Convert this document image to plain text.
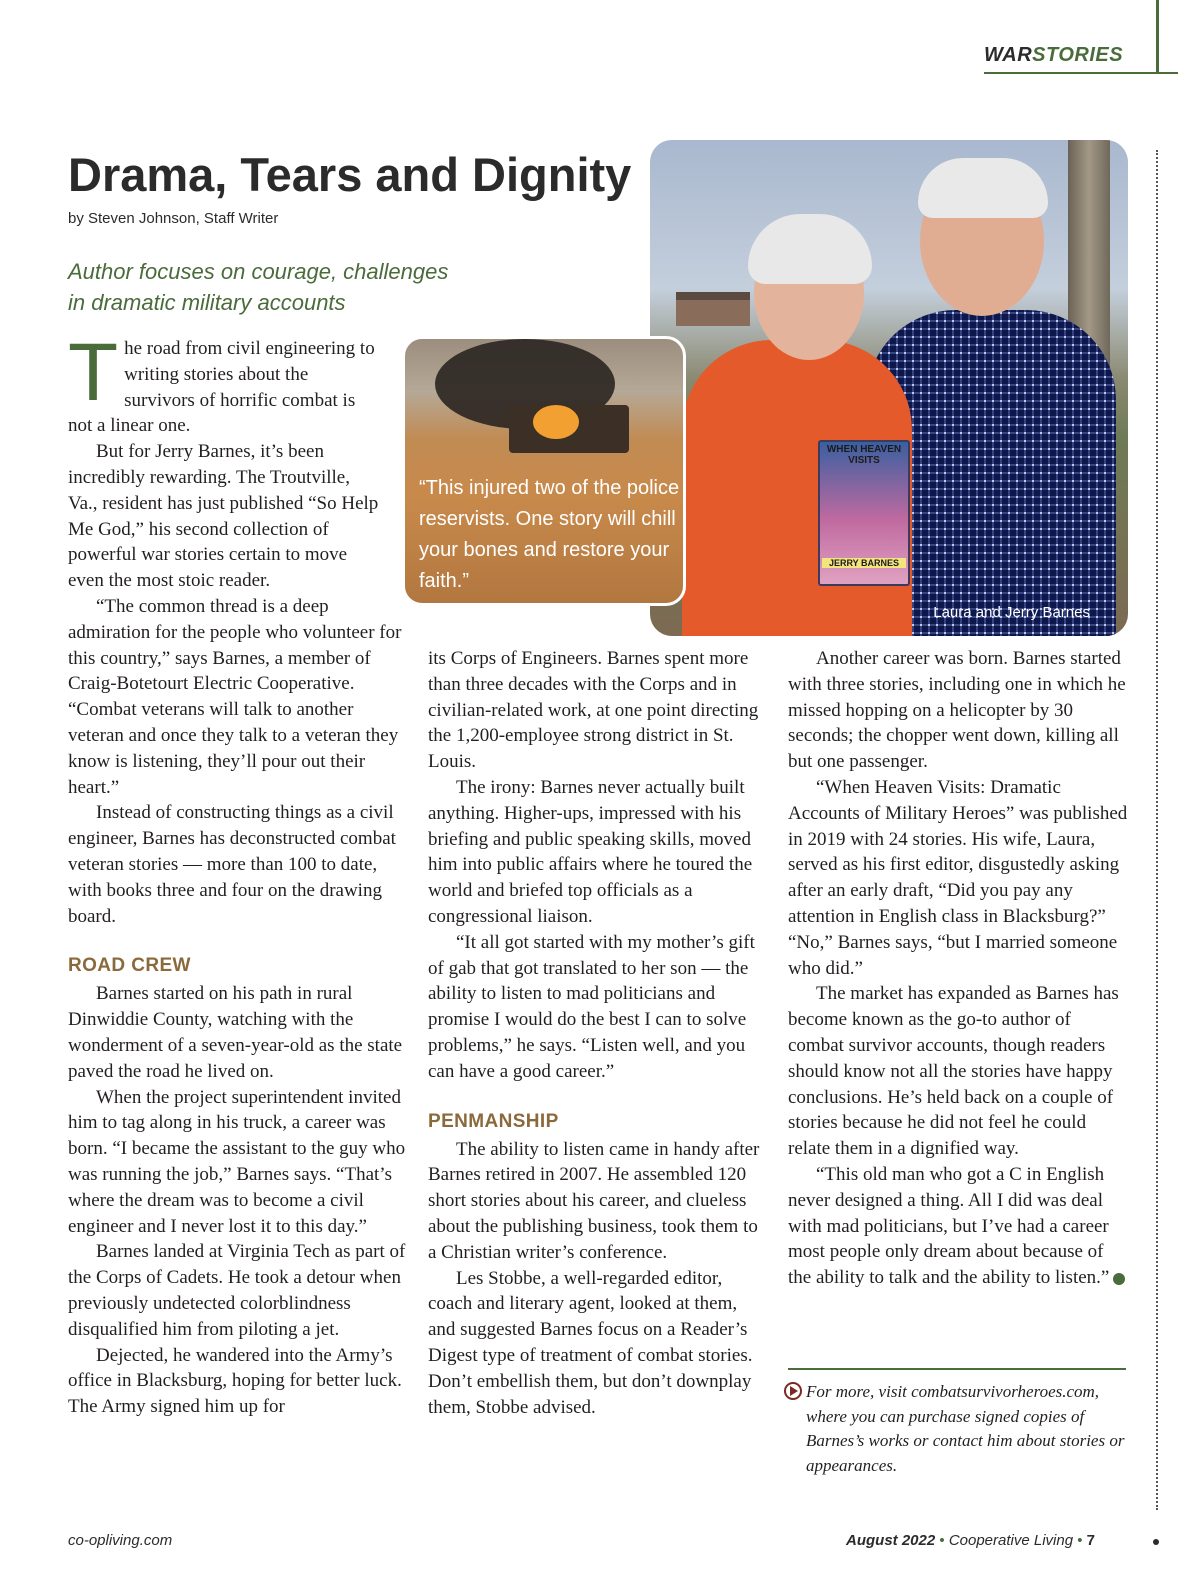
WARSTORIES
Drama, Tears and Dignity
by Steven Johnson, Staff Writer
Author focuses on courage, challenges
in dramatic military accounts
WHEN HEAVEN VISITS
JERRY BARNES
Laura and Jerry Barnes
“This injured two of the police reservists. One story will chill your bones and restore your faith.”

The road from civil engineering to writing stories about the survivors of horrific combat is not a linear one.

But for Jerry Barnes, it’s been incredibly rewarding. The Troutville, Va., resident has just published “So Help Me God,” his second collection of powerful war stories certain to move even the most stoic reader.

“The common thread is a deep admiration for the people who volunteer for this country,” says Barnes, a member of Craig-Botetourt Electric Cooperative. “Combat veterans will talk to another veteran and once they talk to a veteran they know is listening, they’ll pour out their heart.”

Instead of constructing things as a civil engineer, Barnes has deconstructed combat veteran stories — more than 100 to date, with books three and four on the drawing board.

ROAD CREW

Barnes started on his path in rural Dinwiddie County, watching with the wonderment of a seven-year-old as the state paved the road he lived on.

When the project superintendent invited him to tag along in his truck, a career was born. “I became the assistant to the guy who was running the job,” Barnes says. “That’s where the dream was to become a civil engineer and I never lost it to this day.”

Barnes landed at Virginia Tech as part of the Corps of Cadets. He took a detour when previously undetected colorblindness disqualified him from piloting a jet.

Dejected, he wandered into the Army’s office in Blacksburg, hoping for better luck. The Army signed him up for

its Corps of Engineers. Barnes spent more than three decades with the Corps and in civilian-related work, at one point directing the 1,200-employee strong district in St. Louis.

The irony: Barnes never actually built anything. Higher-ups, impressed with his briefing and public speaking skills, moved him into public affairs where he toured the world and briefed top officials as a congressional liaison.

“It all got started with my mother’s gift of gab that got translated to her son — the ability to listen to mad politicians and promise I would do the best I can to solve problems,” he says. “Listen well, and you can have a good career.”

PENMANSHIP

The ability to listen came in handy after Barnes retired in 2007. He assembled 120 short stories about his career, and clueless about the publishing business, took them to a Christian writer’s conference.

Les Stobbe, a well-regarded editor, coach and literary agent, looked at them, and suggested Barnes focus on a Reader’s Digest type of treatment of combat stories. Don’t embellish them, but don’t downplay them, Stobbe advised.

Another career was born. Barnes started with three stories, including one in which he missed hopping on a helicopter by 30 seconds; the chopper went down, killing all but one passenger.

“When Heaven Visits: Dramatic Accounts of Military Heroes” was published in 2019 with 24 stories. His wife, Laura, served as his first editor, disgustedly asking after an early draft, “Did you pay any attention in English class in Blacksburg?” “No,” Barnes says, “but I married someone who did.”

The market has expanded as Barnes has become known as the go-to author of combat survivor accounts, though readers should know not all the stories have happy conclusions. He’s held back on a couple of stories because he did not feel he could relate them in a dignified way.

“This old man who got a C in English never designed a thing. All I did was deal with mad politicians, but I’ve had a career most people only dream about because of the ability to talk and the ability to listen.”

For more, visit combatsurvivorheroes.com, where you can purchase signed copies of Barnes’s works or contact him about stories or appearances.
co-opliving.com	August 2022 • Cooperative Living • 7
